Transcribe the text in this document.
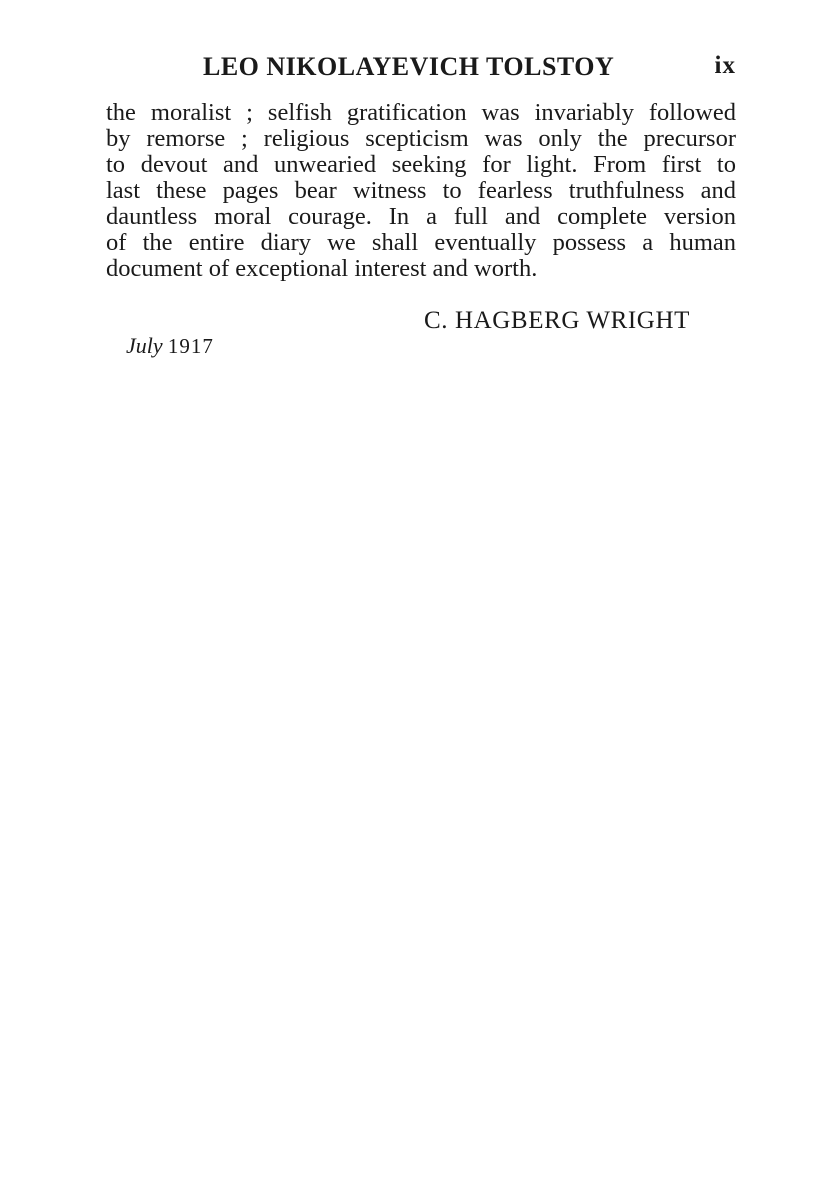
LEO NIKOLAYEVICH TOLSTOY	ix

the moralist ; selfish gratification was invariably followed
by remorse ; religious scepticism was only the precursor
to devout and unwearied seeking for light. From first to
last these pages bear witness to fearless truthfulness and
dauntless moral courage. In a full and complete version
of the entire diary we shall eventually possess a human
document of exceptional interest and worth.

C. HAGBERG WRIGHT
July 1917
